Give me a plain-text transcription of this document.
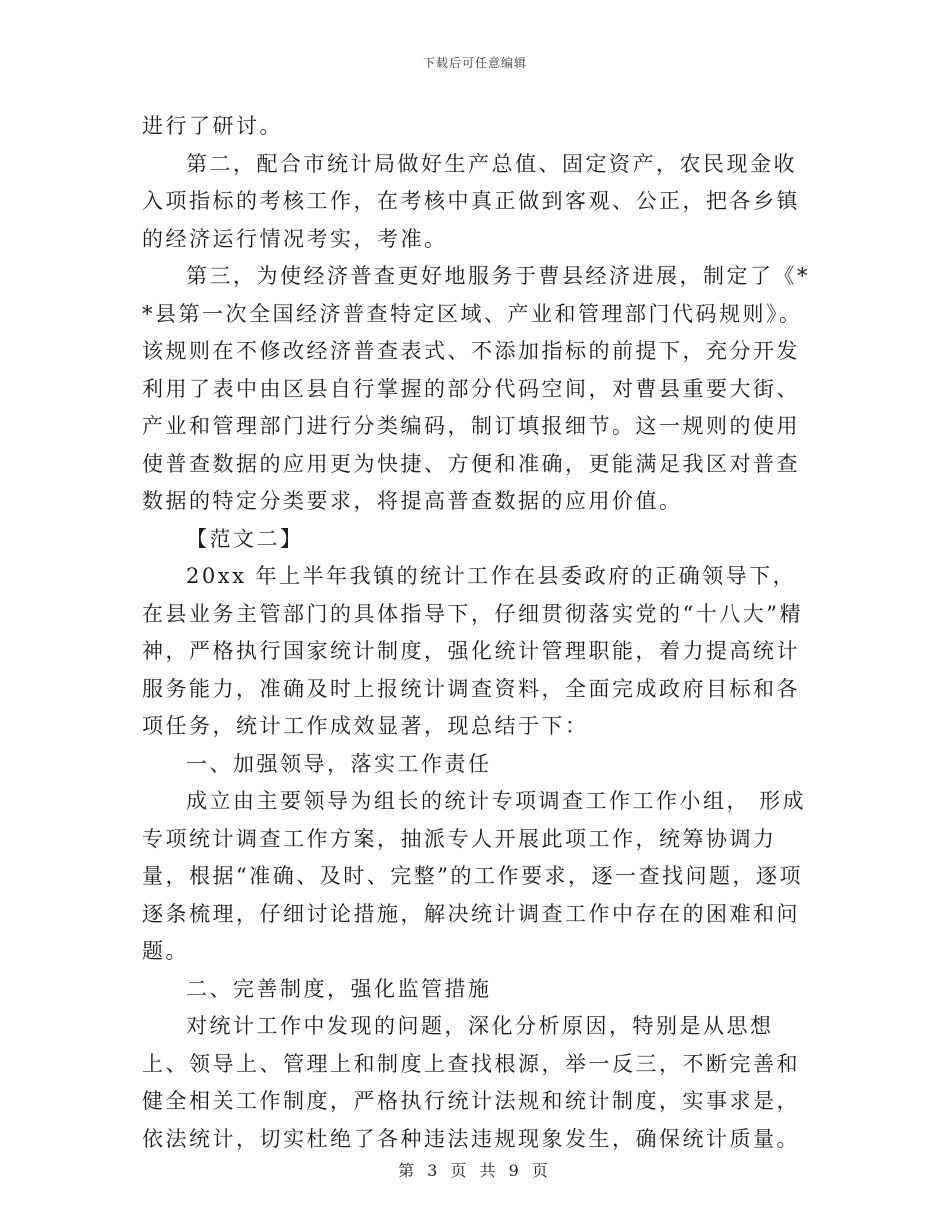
下载后可任意编辑

进行了研讨。

第二，配合市统计局做好生产总值、固定资产，农民现金收入项指标的考核工作，在考核中真正做到客观、公正，把各乡镇的经济运行情况考实，考准。

第三，为使经济普查更好地服务于曹县经济进展，制定了《**县第一次全国经济普查特定区域、产业和管理部门代码规则》。该规则在不修改经济普查表式、不添加指标的前提下，充分开发利用了表中由区县自行掌握的部分代码空间，对曹县重要大街、产业和管理部门进行分类编码，制订填报细节。这一规则的使用使普查数据的应用更为快捷、方便和准确，更能满足我区对普查数据的特定分类要求，将提高普查数据的应用价值。

【范文二】

20xx 年上半年我镇的统计工作在县委政府的正确领导下，在县业务主管部门的具体指导下，仔细贯彻落实党的“十八大”精神，严格执行国家统计制度，强化统计管理职能，着力提高统计服务能力，准确及时上报统计调查资料，全面完成政府目标和各项任务，统计工作成效显著，现总结于下：

一、加强领导，落实工作责任

成立由主要领导为组长的统计专项调查工作工作小组， 形成专项统计调查工作方案，抽派专人开展此项工作，统筹协调力量，根据“准确、及时、完整”的工作要求，逐一查找问题，逐项逐条梳理，仔细讨论措施，解决统计调查工作中存在的困难和问题。

二、完善制度，强化监管措施

对统计工作中发现的问题，深化分析原因，特别是从思想上、领导上、管理上和制度上查找根源，举一反三，不断完善和健全相关工作制度，严格执行统计法规和统计制度，实事求是，依法统计，切实杜绝了各种违法违规现象发生，确保统计质量。

第 3 页 共 9 页
